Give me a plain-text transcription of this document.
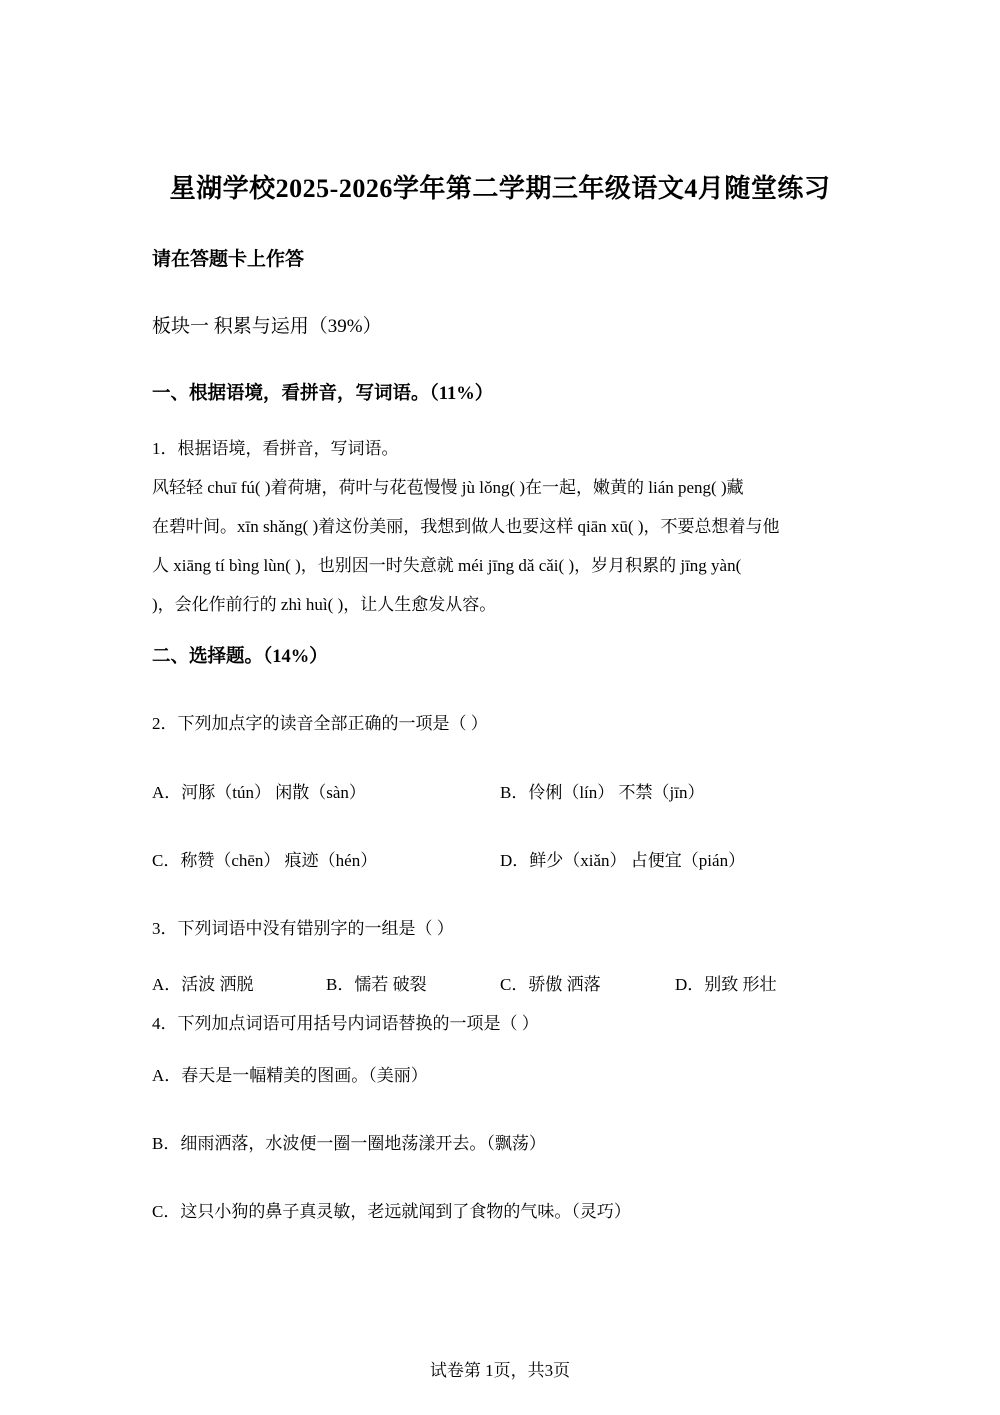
星湖学校2025-2026学年第二学期三年级语文4月随堂练习
请在答题卡上作答
板块一 积累与运用（39%）
一、根据语境，看拼音，写词语。（11%）
1．根据语境，看拼音，写词语。
风轻轻 chuī fú( )着荷塘，荷叶与花苞慢慢 jù lǒng( )在一起，嫩黄的 lián peng( )藏
在碧叶间。xīn shǎng( )着这份美丽，我想到做人也要这样 qiān xū( )，不要总想着与他
人 xiāng tí bìng lùn( )，也别因一时失意就 méi jīng dǎ cǎi( )，岁月积累的 jīng yàn(
)，会化作前行的 zhì huì( )，让人生愈发从容。
二、选择题。（14%）
2．下列加点字的读音全部正确的一项是（ ）
A．河豚（tún） 闲散（sàn）	B．伶俐（lín） 不禁（jīn）
C．称赞（chēn） 痕迹（hén）	D．鲜少（xiǎn） 占便宜（pián）
3．下列词语中没有错别字的一组是（ ）
A．活波 洒脱	B．懦若 破裂	C．骄傲 洒落	D．别致 形壮
4．下列加点词语可用括号内词语替换的一项是（ ）
A．春天是一幅精美的图画。（美丽）
B．细雨洒落，水波便一圈一圈地荡漾开去。（飘荡）
C．这只小狗的鼻子真灵敏，老远就闻到了食物的气味。（灵巧）
试卷第 1页，共3页
